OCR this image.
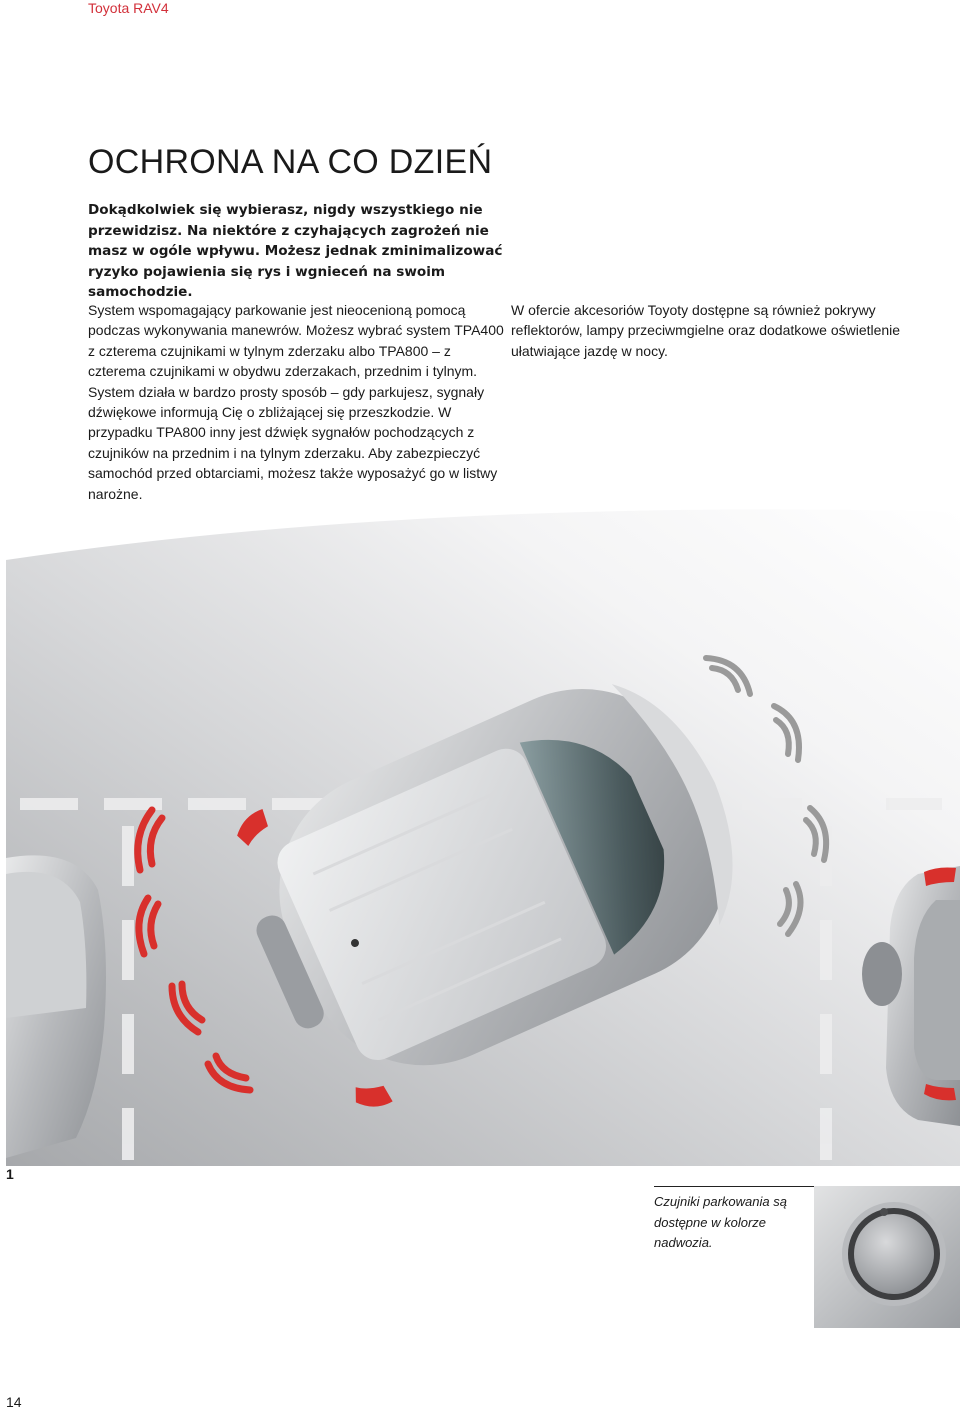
Toyota RAV4
OCHRONA NA CO DZIEŃ

Dokądkolwiek się wybierasz, nigdy wszystkiego nie przewidzisz. Na niektóre z czyhających zagrożeń nie masz w ogóle wpływu. Możesz jednak zminimalizować ryzyko pojawienia się rys i wgnieceń na swoim samochodzie.

System wspomagający parkowanie jest nieocenioną pomocą podczas wykonywania manewrów. Możesz wybrać system TPA400 z czterema czujnikami w tylnym zderzaku albo TPA800 – z czterema czujnikami w obydwu zderzakach, przednim i tylnym. System działa w bardzo prosty sposób – gdy parkujesz, sygnały dźwiękowe informują Cię o zbliżającej się przeszkodzie. W przypadku TPA800 inny jest dźwięk sygnałów pochodzących z czujników na przednim i na tylnym zderzaku. Aby zabezpieczyć samochód przed obtarciami, możesz także wyposażyć go w listwy narożne.

W ofercie akcesoriów Toyoty dostępne są również pokrywy reflektorów, lampy przeciwmgielne oraz dodatkowe oświetlenie ułatwiające jazdę w nocy.

1

Czujniki parkowania są dostępne w kolorze nadwozia.

14
